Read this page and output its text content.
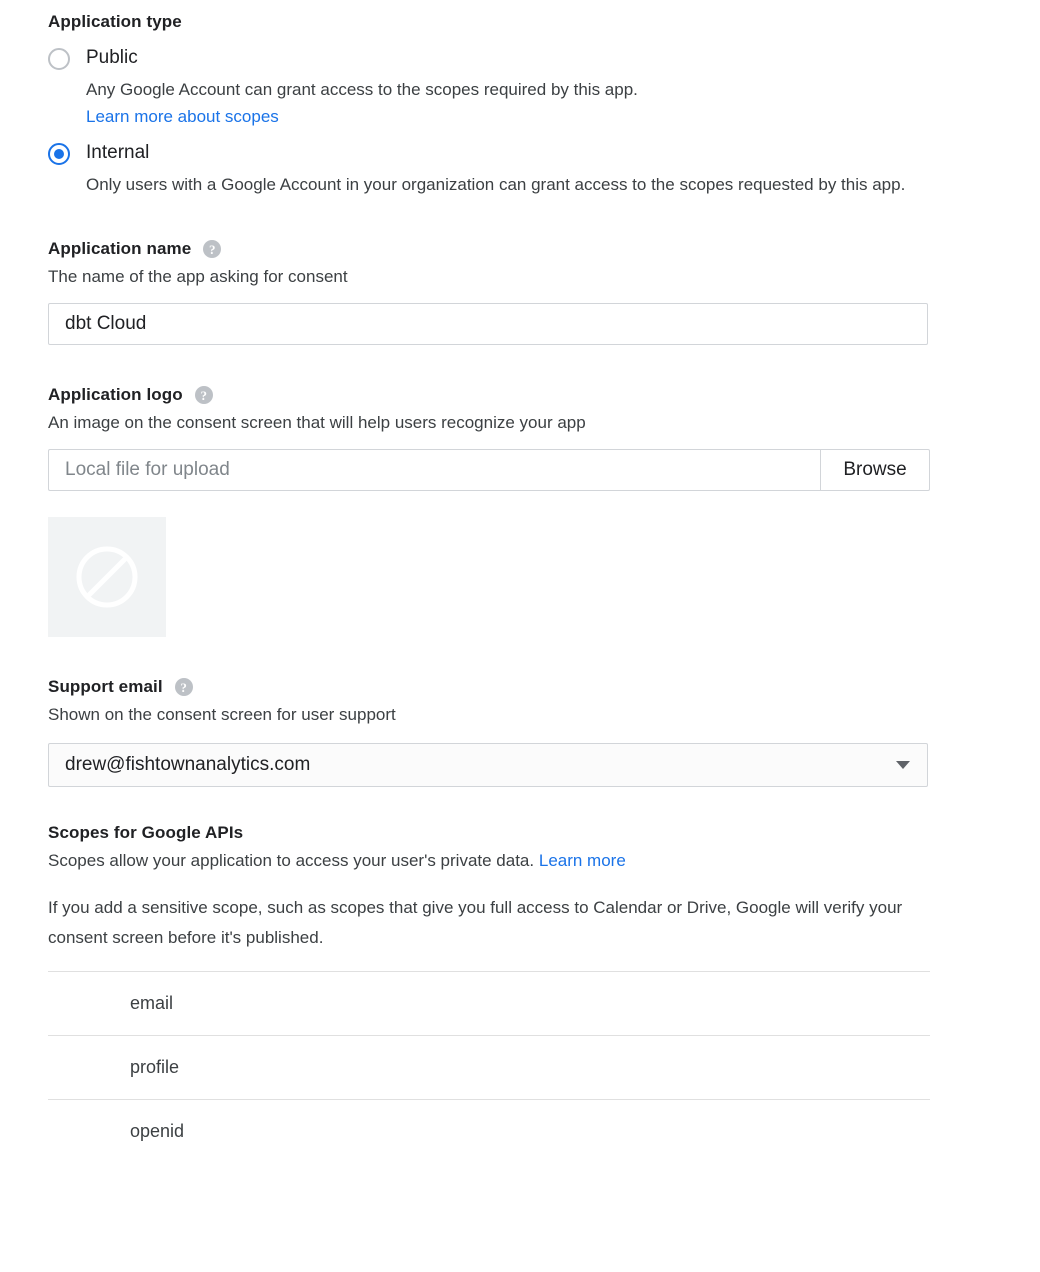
Application type
Public
Any Google Account can grant access to the scopes required by this app.
Learn more about scopes
Internal
Only users with a Google Account in your organization can grant access to the scopes requested by this app.
Application name	?
The name of the app asking for consent
dbt Cloud
Application logo	?
An image on the consent screen that will help users recognize your app
Local file for upload
Browse
Support email	?
Shown on the consent screen for user support
drew@fishtownanalytics.com
Scopes for Google APIs
Scopes allow your application to access your user's private data. Learn more
If you add a sensitive scope, such as scopes that give you full access to Calendar or Drive, Google will verify your consent screen before it's published.
	email
	profile
	openid
